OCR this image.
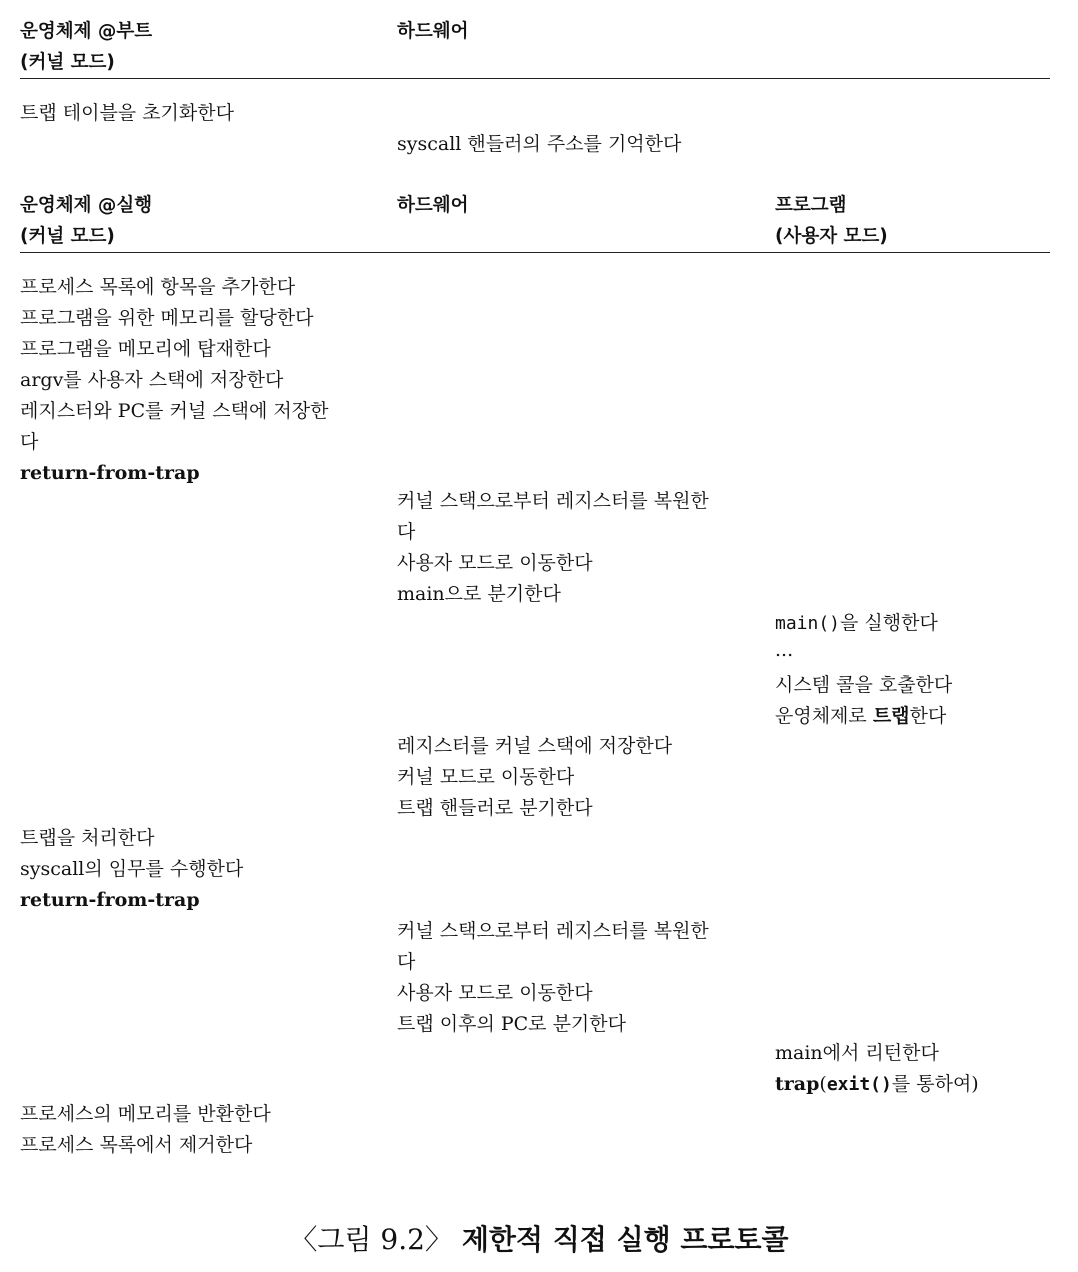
운영체제 @부트
(커널 모드)
하드웨어
트랩 테이블을 초기화한다
syscall 핸들러의 주소를 기억한다
운영체제 @실행
(커널 모드)
하드웨어	프로그램
(사용자 모드)
프로세스 목록에 항목을 추가한다
프로그램을 위한 메모리를 할당한다
프로그램을 메모리에 탑재한다
argv를 사용자 스택에 저장한다
레지스터와 PC를 커널 스택에 저장한
다
return-from-trap
커널 스택으로부터 레지스터를 복원한
다
사용자 모드로 이동한다
main으로 분기한다
main()을 실행한다
...
시스템 콜을 호출한다
운영체제로 트랩한다
레지스터를 커널 스택에 저장한다
커널 모드로 이동한다
트랩 핸들러로 분기한다
트랩을 처리한다
syscall의 임무를 수행한다
return-from-trap
커널 스택으로부터 레지스터를 복원한
다
사용자 모드로 이동한다
트랩 이후의 PC로 분기한다
main에서 리턴한다
trap(exit()를 통하여)
프로세스의 메모리를 반환한다
프로세스 목록에서 제거한다
〈그림 9.2〉 제한적 직접 실행 프로토콜
